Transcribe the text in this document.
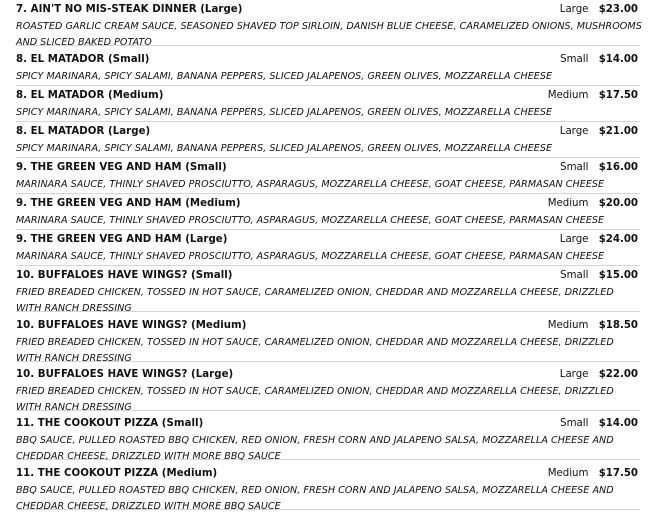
7. AIN'T NO MIS-STEAK DINNER (Large)	Large $23.00
ROASTED GARLIC CREAM SAUCE, SEASONED SHAVED TOP SIRLOIN, DANISH BLUE CHEESE, CARAMELIZED ONIONS, MUSHROOMS AND SLICED BAKED POTATO
8. EL MATADOR (Small)	Small $14.00
SPICY MARINARA, SPICY SALAMI, BANANA PEPPERS, SLICED JALAPENOS, GREEN OLIVES, MOZZARELLA CHEESE
8. EL MATADOR (Medium)	Medium $17.50
SPICY MARINARA, SPICY SALAMI, BANANA PEPPERS, SLICED JALAPENOS, GREEN OLIVES, MOZZARELLA CHEESE
8. EL MATADOR (Large)	Large $21.00
SPICY MARINARA, SPICY SALAMI, BANANA PEPPERS, SLICED JALAPENOS, GREEN OLIVES, MOZZARELLA CHEESE
9. THE GREEN VEG AND HAM (Small)	Small $16.00
MARINARA SAUCE, THINLY SHAVED PROSCIUTTO, ASPARAGUS, MOZZARELLA CHEESE, GOAT CHEESE, PARMASAN CHEESE
9. THE GREEN VEG AND HAM (Medium)	Medium $20.00
MARINARA SAUCE, THINLY SHAVED PROSCIUTTO, ASPARAGUS, MOZZARELLA CHEESE, GOAT CHEESE, PARMASAN CHEESE
9. THE GREEN VEG AND HAM (Large)	Large $24.00
MARINARA SAUCE, THINLY SHAVED PROSCIUTTO, ASPARAGUS, MOZZARELLA CHEESE, GOAT CHEESE, PARMASAN CHEESE
10. BUFFALOES HAVE WINGS? (Small)	Small $15.00
FRIED BREADED CHICKEN, TOSSED IN HOT SAUCE, CARAMELIZED ONION, CHEDDAR AND MOZZARELLA CHEESE, DRIZZLED WITH RANCH DRESSING
10. BUFFALOES HAVE WINGS? (Medium)	Medium $18.50
FRIED BREADED CHICKEN, TOSSED IN HOT SAUCE, CARAMELIZED ONION, CHEDDAR AND MOZZARELLA CHEESE, DRIZZLED WITH RANCH DRESSING
10. BUFFALOES HAVE WINGS? (Large)	Large $22.00
FRIED BREADED CHICKEN, TOSSED IN HOT SAUCE, CARAMELIZED ONION, CHEDDAR AND MOZZARELLA CHEESE, DRIZZLED WITH RANCH DRESSING
11. THE COOKOUT PIZZA (Small)	Small $14.00
BBQ SAUCE, PULLED ROASTED BBQ CHICKEN, RED ONION, FRESH CORN AND JALAPENO SALSA, MOZZARELLA CHEESE AND CHEDDAR CHEESE, DRIZZLED WITH MORE BBQ SAUCE
11. THE COOKOUT PIZZA (Medium)	Medium $17.50
BBQ SAUCE, PULLED ROASTED BBQ CHICKEN, RED ONION, FRESH CORN AND JALAPENO SALSA, MOZZARELLA CHEESE AND CHEDDAR CHEESE, DRIZZLED WITH MORE BBQ SAUCE
